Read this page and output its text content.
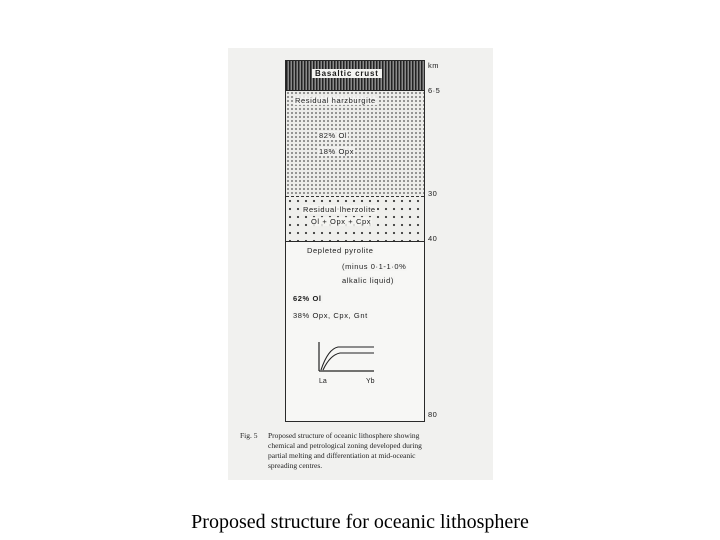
Basaltic crust
Residual harzburgite
82% Ol
18% Opx
Residual lherzolite
Ol + Opx + Cpx
Depleted pyrolite
(minus 0·1-1·0%
alkalic liquid)
62% Ol
38% Opx, Cpx, Gnt
La	Yb
km
6·5
30
40
80
Fig. 5 Proposed structure of oceanic lithosphere showing
chemical and petrological zoning developed during
partial melting and differentiation at mid-oceanic
spreading centres.
Proposed structure for oceanic lithosphere
